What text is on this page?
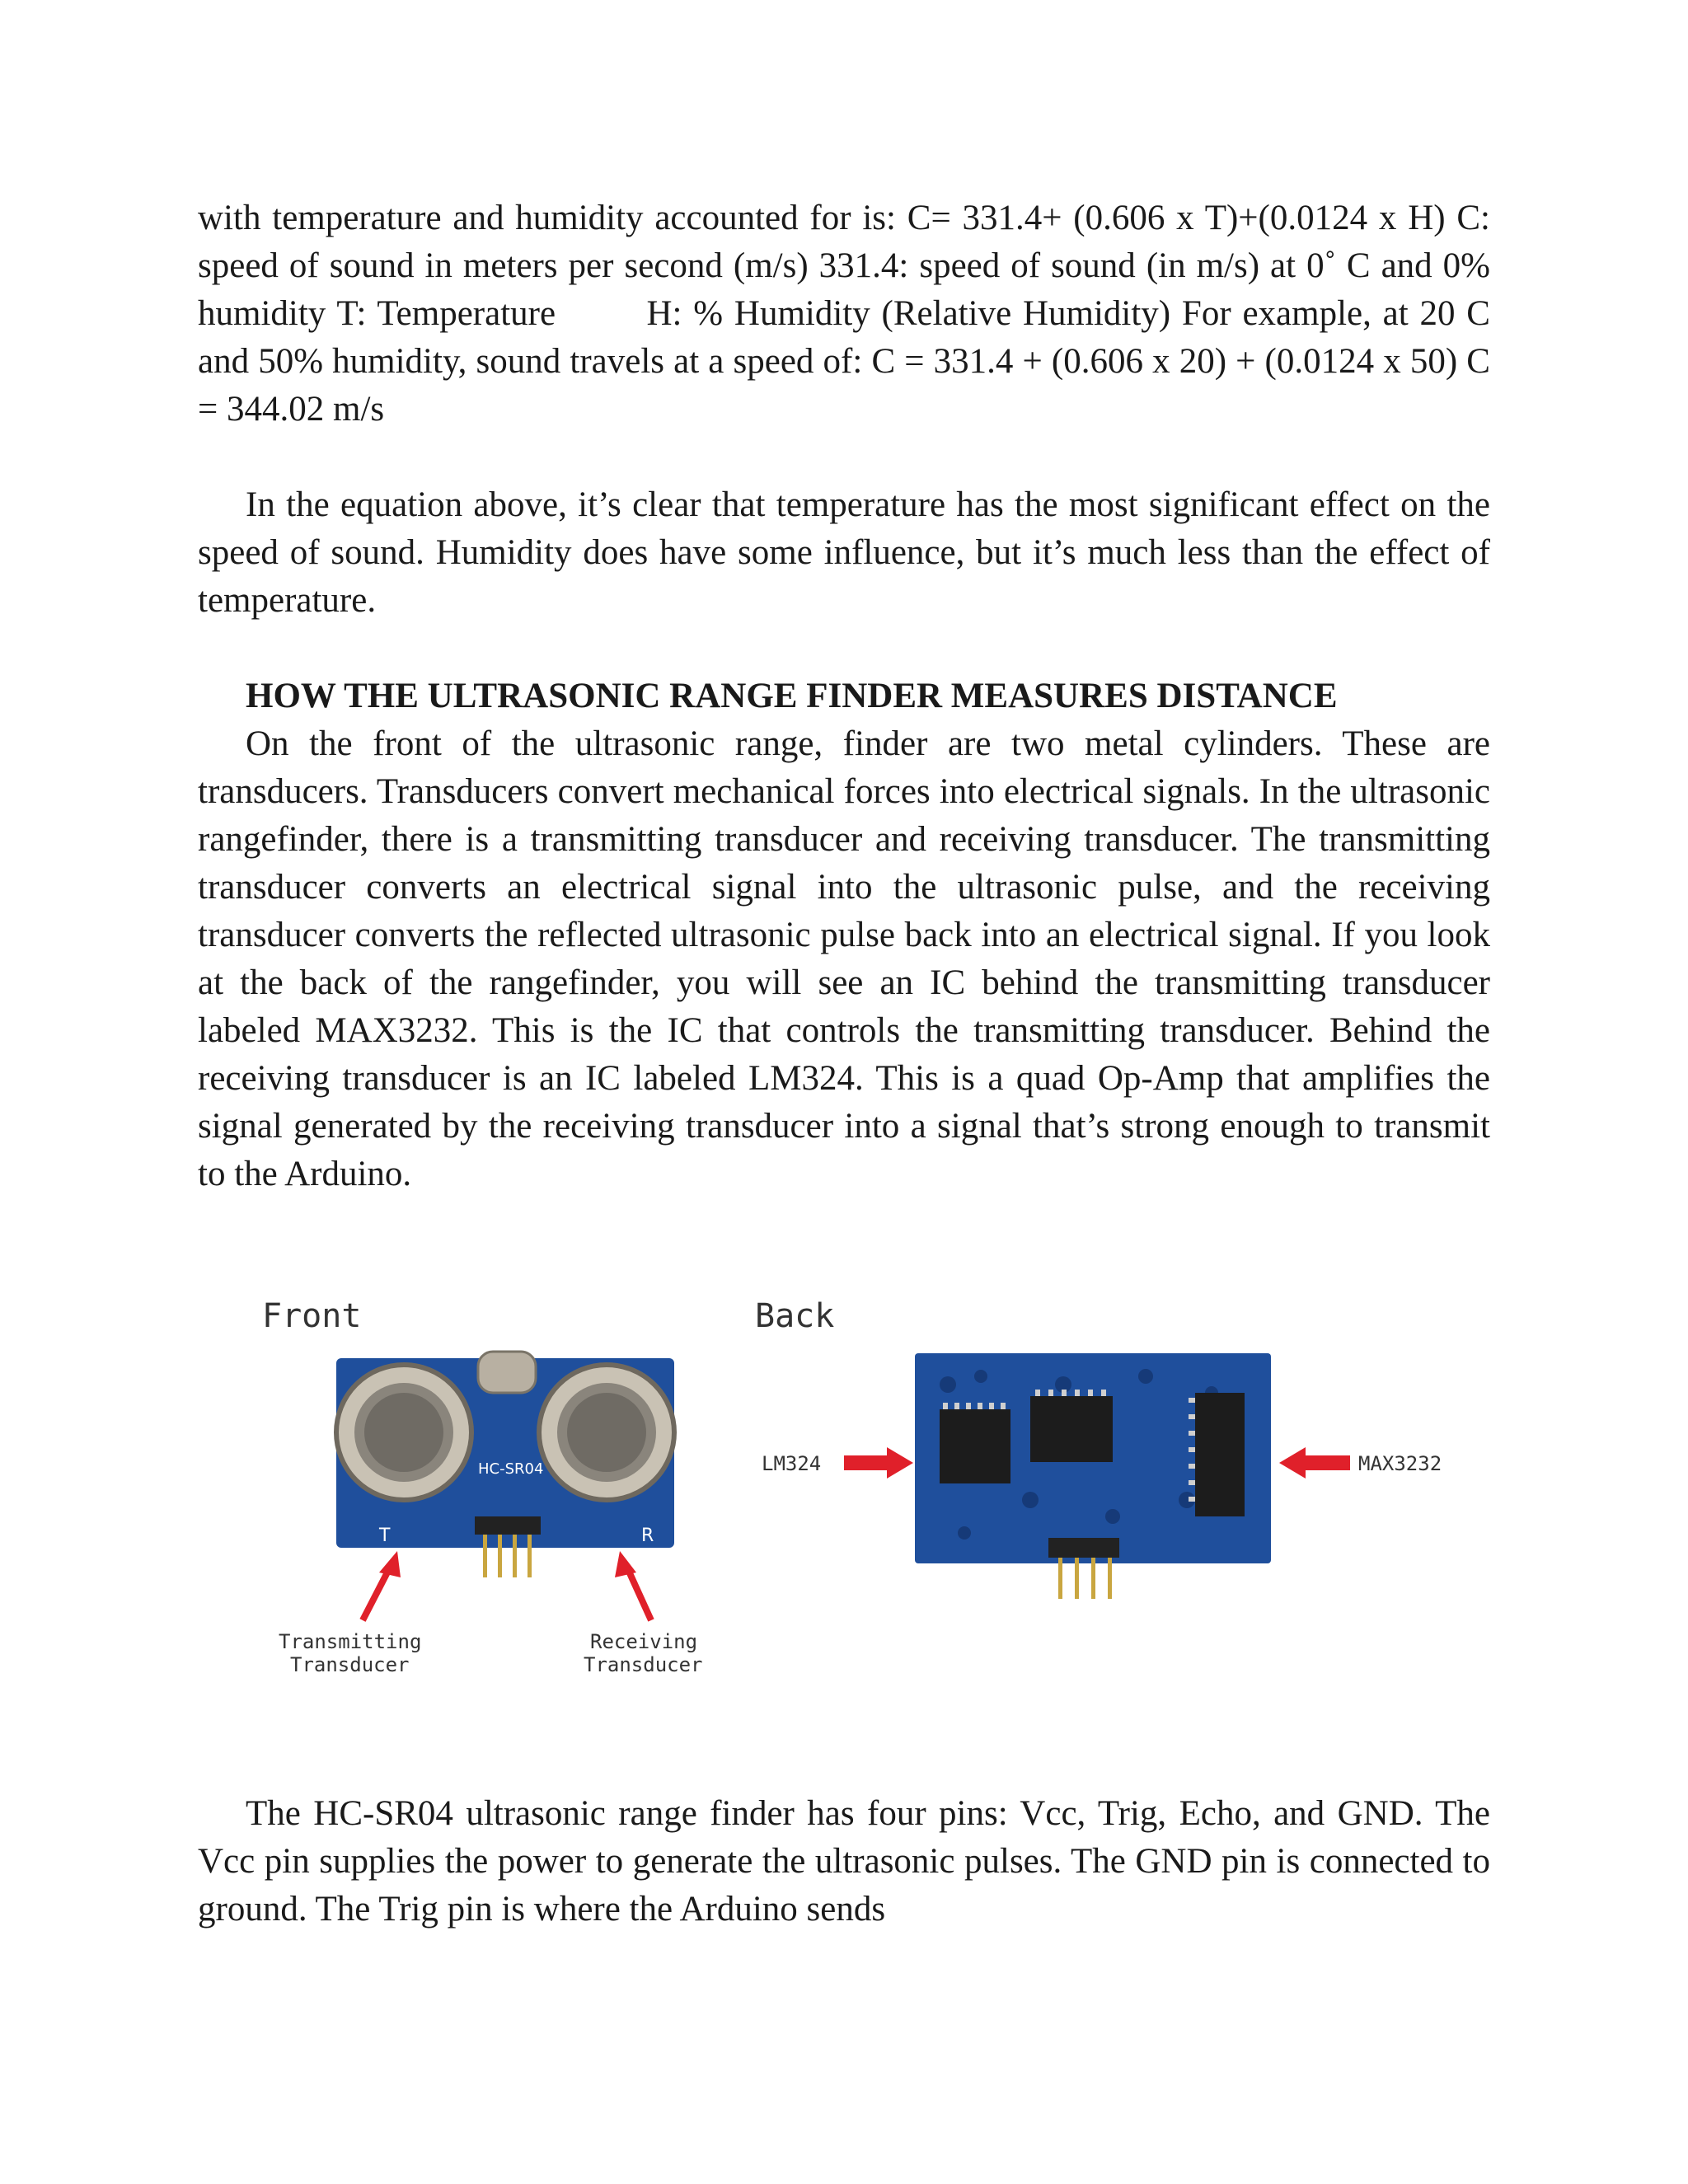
with temperature and humidity accounted for is: C= 331.4+ (0.606 x T)+(0.0124 x H) C: speed of sound in meters per second (m/s) 331.4: speed of sound (in m/s) at 0˚ C and 0% humidity T: Temperature        H: % Humidity (Relative Humidity) For example, at 20 C and 50% humidity, sound travels at a speed of: C = 331.4 + (0.606 x 20) + (0.0124 x 50) C = 344.02 m/s

In the equation above, it’s clear that temperature has the most significant effect on the speed of sound. Humidity does have some influence, but it’s much less than the effect of temperature.

HOW THE ULTRASONIC RANGE FINDER MEASURES DISTANCE

On the front of the ultrasonic range, finder are two metal cylinders. These are transducers. Transducers convert mechanical forces into electrical signals. In the ultrasonic rangefinder, there is a transmitting transducer and receiving transducer. The transmitting transducer converts an electrical signal into the ultrasonic pulse, and the receiving transducer converts the reflected ultrasonic pulse back into an electrical signal. If you look at the back of the rangefinder, you will see an IC behind the transmitting transducer labeled MAX3232. This is the IC that controls the transmitting transducer. Behind the receiving transducer is an IC labeled LM324. This is a quad Op-Amp that amplifies the signal generated by the receiving transducer into a signal that’s strong enough to transmit to the Arduino.

Front
HC-SR04
T	R
Transmitting
Transducer
Receiving
Transducer
Back
LM324	MAX3232

The HC-SR04 ultrasonic range finder has four pins: Vcc, Trig, Echo, and GND. The Vcc pin supplies the power to generate the ultrasonic pulses. The GND pin is connected to ground. The Trig pin is where the Arduino sends
